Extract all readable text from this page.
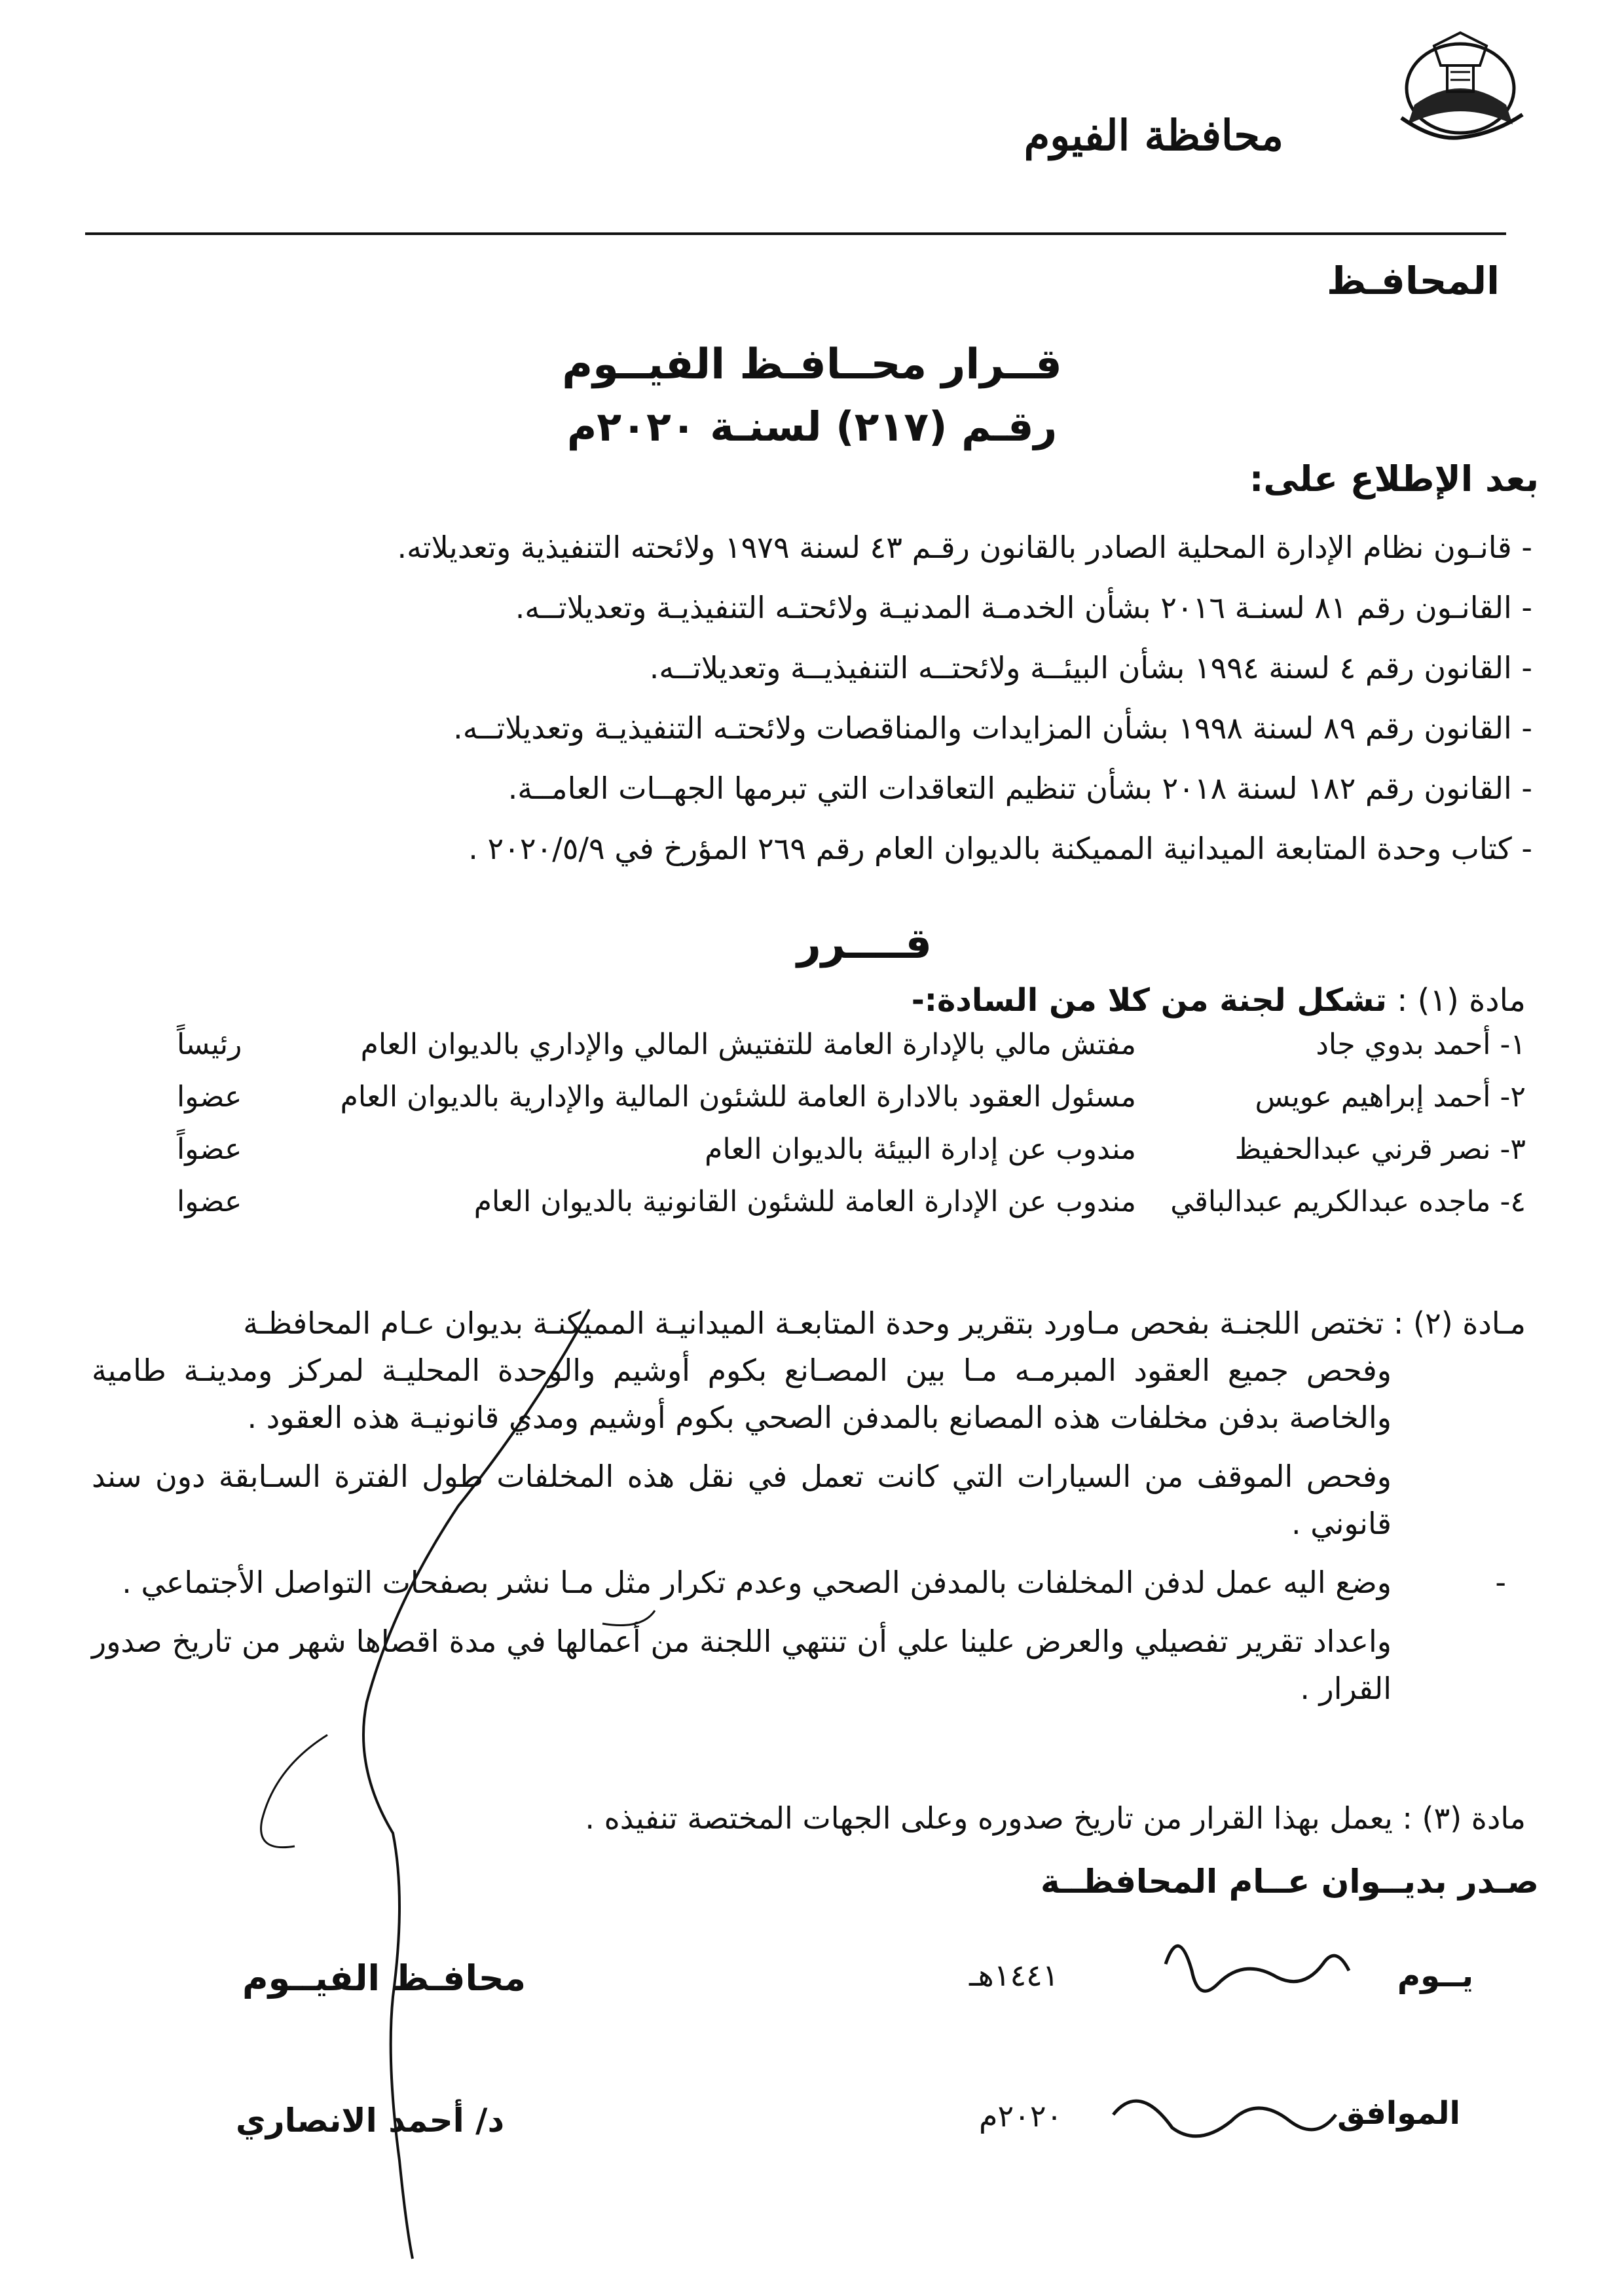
محافظة الفيوم
المحافـظ
قــرار محــافـظ الفيــوم
رقـم (٢١٧) لسنـة ٢٠٢٠م
بعد الإطلاع على:
- قانـون نظام الإدارة المحلية الصادر بالقانون رقـم ٤٣ لسنة ١٩٧٩ ولائحته التنفيذية وتعديلاته.
- القانـون رقم ٨١ لسنـة ٢٠١٦ بشأن الخدمـة المدنيـة ولائحتـه التنفيذيـة وتعديلاتــه.
- القانون رقم ٤ لسنة ١٩٩٤ بشأن البيئــة ولائحتــه التنفيذيــة وتعديلاتــه.
- القانون رقم ٨٩ لسنة ١٩٩٨ بشأن المزايدات والمناقصات ولائحتـه التنفيذيـة وتعديلاتــه.
- القانون رقم ١٨٢ لسنة ٢٠١٨ بشأن تنظيم التعاقدات التي تبرمها الجهــات العامــة.
- كتاب وحدة المتابعة الميدانية المميكنة بالديوان العام رقم ٢٦٩ المؤرخ في ٢٠٢٠/٥/٩ .
قــــرر
مادة (١) : تشكل لجنة من كلا من السادة:-
١- أحمد بدوي جاد
مفتش مالي بالإدارة العامة للتفتيش المالي والإداري بالديوان العام
رئيساً
٢- أحمد إبراهيم عويس
مسئول العقود بالادارة العامة للشئون المالية والإدارية بالديوان العام
عضوا
٣- نصر قرني عبدالحفيظ
مندوب عن إدارة البيئة بالديوان العام
عضواً
٤- ماجده عبدالكريم عبدالباقي
مندوب عن الإدارة العامة للشئون القانونية بالديوان العام
عضوا
مـادة (٢) : تختص اللجنـة بفحص مـاورد بتقرير وحدة المتابعـة الميدانيـة المميكنـة بديوان عـام المحافظـة
وفحص جميع العقود المبرمـه مـا بين المصـانع بكوم أوشيم والوحدة المحليـة لمركز ومدينـة طامية والخاصة بدفن مخلفات هذه المصانع بالمدفن الصحي بكوم أوشيم ومدي قانونيـة هذه العقود .
وفحص الموقف من السيارات التي كانت تعمل في نقل هذه المخلفات طول الفترة السـابقة دون سند قانوني .
-
وضع اليه عمل لدفن المخلفات بالمدفن الصحي وعدم تكرار مثل مـا نشر بصفحات التواصل الأجتماعي .
واعداد تقرير تفصيلي والعرض علينا علي أن تنتهي اللجنة من أعمالها في مدة اقصاها شهر من تاريخ صدور القرار .
مادة (٣) : يعمل بهذا القرار من تاريخ صدوره وعلى الجهات المختصة تنفيذه .
صـدر بديــوان عــام المحافظــة
يــوم
١٤٤١هـ
الموافق
٢٠٢٠م
محافـظ الفيــوم
د/ أحمد الانصاري
